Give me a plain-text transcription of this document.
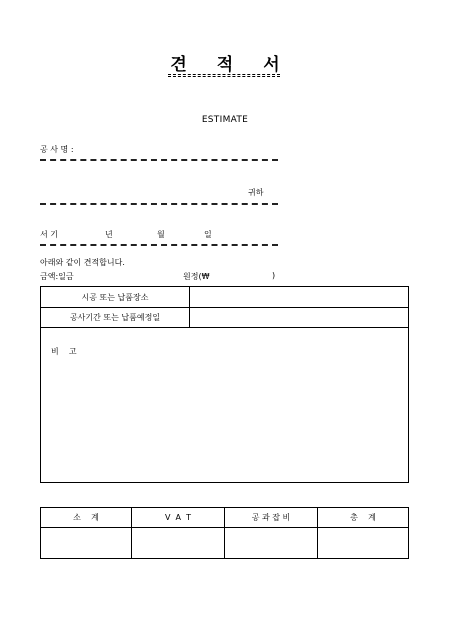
견 적 서
ESTIMATE
공 사 명 :
귀하
서 기	년	월	일
아래와 같이 견적합니다.
금액:일금	원정(₩	)
시공 또는 납품장소	
공사기간 또는 납품예정일	

비    고	
소    계	V  A  T	공 과 잡 비	총    계
